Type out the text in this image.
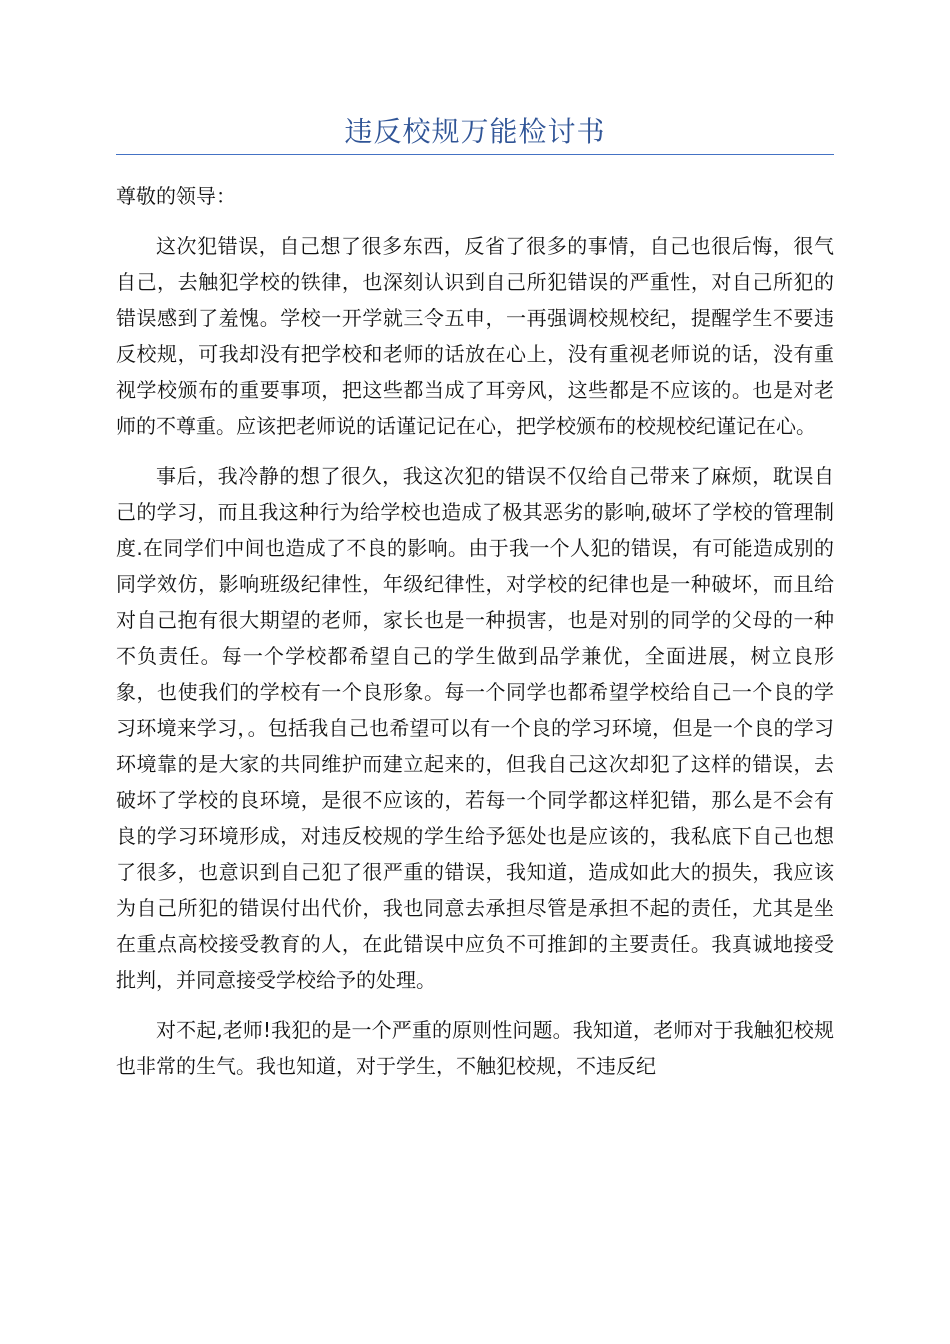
违反校规万能检讨书

尊敬的领导：

这次犯错误，自己想了很多东西，反省了很多的事情，自己也很后悔，很气自己，去触犯学校的铁律，也深刻认识到自己所犯错误的严重性，对自己所犯的错误感到了羞愧。学校一开学就三令五申，一再强调校规校纪，提醒学生不要违反校规，可我却没有把学校和老师的话放在心上，没有重视老师说的话，没有重视学校颁布的重要事项，把这些都当成了耳旁风，这些都是不应该的。也是对老师的不尊重。应该把老师说的话谨记记在心，把学校颁布的校规校纪谨记在心。

事后，我冷静的想了很久，我这次犯的错误不仅给自己带来了麻烦，耽误自己的学习，而且我这种行为给学校也造成了极其恶劣的影响,破坏了学校的管理制度.在同学们中间也造成了不良的影响。由于我一个人犯的错误，有可能造成别的同学效仿，影响班级纪律性，年级纪律性，对学校的纪律也是一种破坏，而且给对自己抱有很大期望的老师，家长也是一种损害，也是对别的同学的父母的一种不负责任。每一个学校都希望自己的学生做到品学兼优，全面进展，树立良形象，也使我们的学校有一个良形象。每一个同学也都希望学校给自己一个良的学习环境来学习，。包括我自己也希望可以有一个良的学习环境，但是一个良的学习环境靠的是大家的共同维护而建立起来的，但我自己这次却犯了这样的错误，去破坏了学校的良环境，是很不应该的，若每一个同学都这样犯错，那么是不会有良的学习环境形成，对违反校规的学生给予惩处也是应该的，我私底下自己也想了很多，也意识到自己犯了很严重的错误，我知道，造成如此大的损失，我应该为自己所犯的错误付出代价，我也同意去承担尽管是承担不起的责任，尤其是坐在重点高校接受教育的人，在此错误中应负不可推卸的主要责任。我真诚地接受批判，并同意接受学校给予的处理。

对不起,老师!我犯的是一个严重的原则性问题。我知道，老师对于我触犯校规也非常的生气。我也知道，对于学生，不触犯校规，不违反纪
